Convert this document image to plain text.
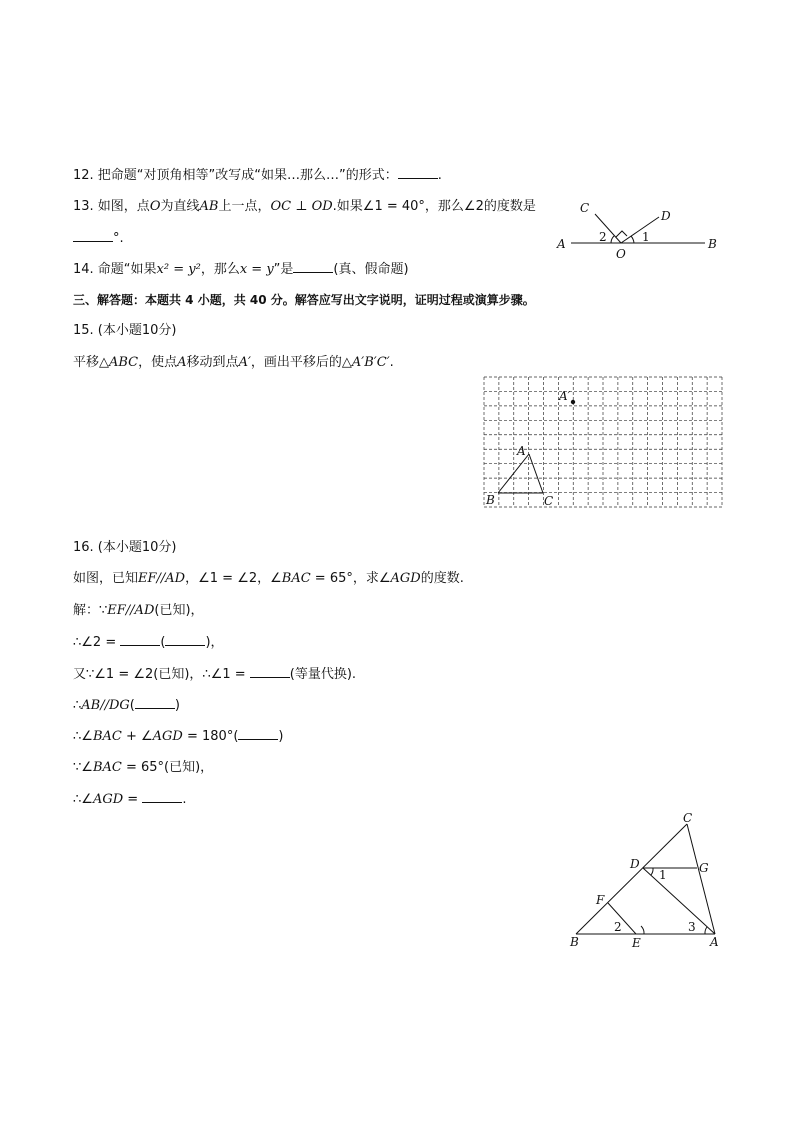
12. 把命题“对顶角相等”改写成“如果…那么…”的形式：	.
13. 如图，点O为直线AB上一点，OC ⊥ OD.如果∠1 = 40°，那么∠2的度数是
°.
C
D
A	2	1	B
O
14. 命题“如果x² = y²，那么x = y”是	(真、假命题)
三、解答题：本题共 4 小题，共 40 分。解答应写出文字说明，证明过程或演算步骤。
15. (本小题10分)
平移△ABC，使点A移动到点A′，画出平移后的△A′B′C′.
A′
A
B	C
16. (本小题10分)
如图，已知EF//AD，∠1 = ∠2，∠BAC = 65°，求∠AGD的度数.
解：∵EF//AD(已知)，
∴∠2 =	(	)，
又∵∠1 = ∠2(已知)，∴∠1 =	(等量代换).
∴AB//DG(	)
∴∠BAC + ∠AGD = 180°(	)
∵∠BAC = 65°(已知)，
∴∠AGD =	.
C
D	G
1
F
2	3
B	E	A
